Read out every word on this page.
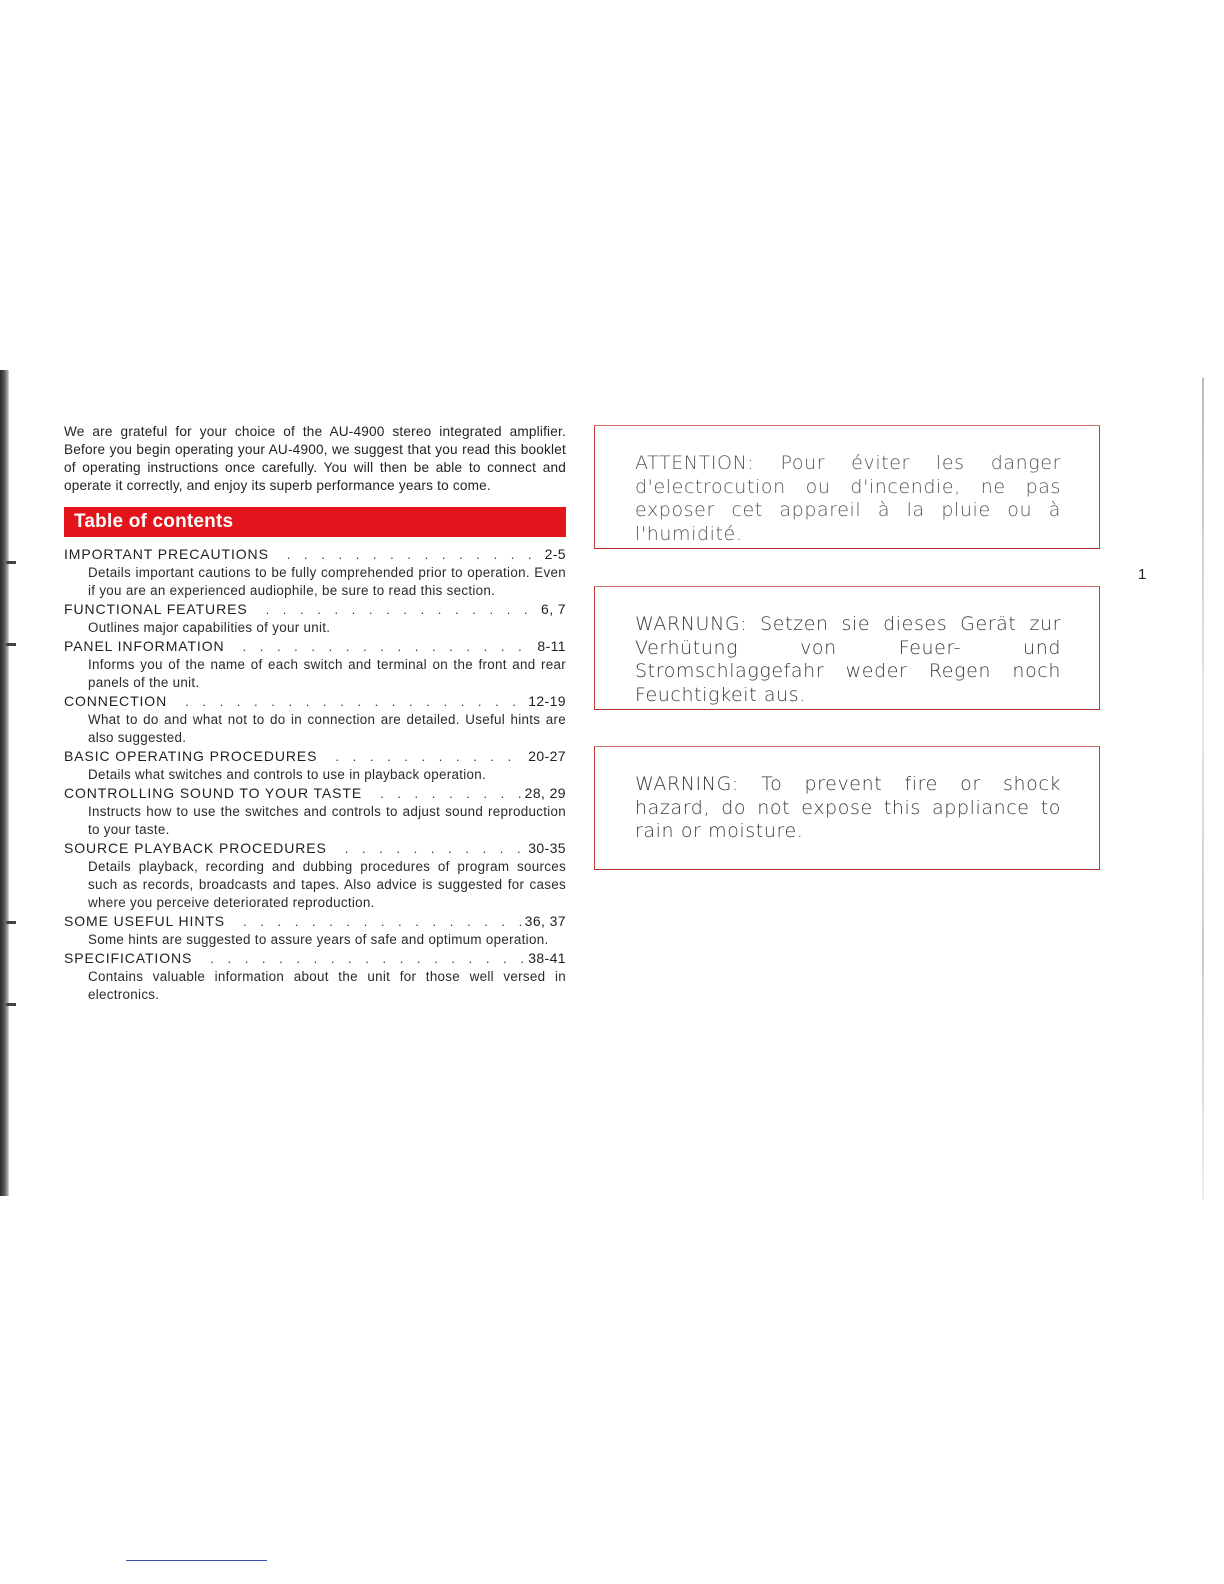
We are grateful for your choice of the AU-4900 stereo integrated amplifier. Before you begin operating your AU-4900, we suggest that you read this booklet of operating instructions once carefully. You will then be able to connect and operate it correctly, and enjoy its superb performance years to come.

Table of contents
IMPORTANT PRECAUTIONS . . .	2-5

Details important cautions to be fully comprehended prior to operation. Even if you are an experienced audiophile, be sure to read this section.

FUNCTIONAL FEATURES . . .	6, 7

Outlines major capabilities of your unit.

PANEL INFORMATION . . .	8-11

Informs you of the name of each switch and terminal on the front and rear panels of the unit.

CONNECTION . . .	12-19

What to do and what not to do in connection are detailed. Useful hints are also suggested.

BASIC OPERATING PROCEDURES . . .	20-27

Details what switches and controls to use in playback operation.

CONTROLLING SOUND TO YOUR TASTE . . .	28, 29

Instructs how to use the switches and controls to adjust sound reproduction to your taste.

SOURCE PLAYBACK PROCEDURES . . .	30-35

Details playback, recording and dubbing procedures of program sources such as records, broadcasts and tapes. Also advice is suggested for cases where you perceive deteriorated reproduction.

SOME USEFUL HINTS . . .	36, 37

Some hints are suggested to assure years of safe and optimum operation.

SPECIFICATIONS . . .	38-41

Contains valuable information about the unit for those well versed in electronics.

ATTENTION: Pour éviter les danger d'electrocution ou d'incendie, ne pas exposer cet appareil à la pluie ou à l'humidité.

WARNUNG: Setzen sie dieses Gerät zur Verhütung von Feuer- und Stromschlaggefahr weder Regen noch Feuchtigkeit aus.

WARNING: To prevent fire or shock hazard, do not expose this appliance to rain or moisture.

1
